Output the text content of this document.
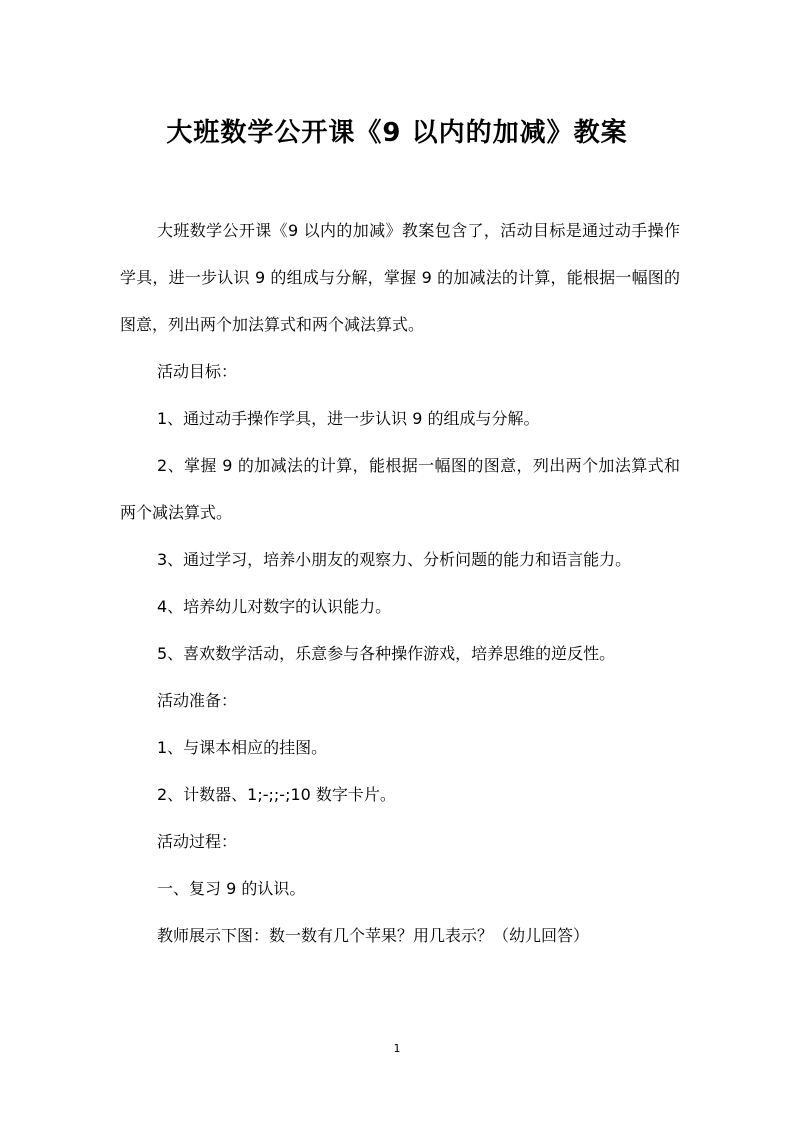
大班数学公开课《9 以内的加减》教案

大班数学公开课《9 以内的加减》教案包含了，活动目标是通过动手操作学具，进一步认识 9 的组成与分解，掌握 9 的加减法的计算，能根据一幅图的图意，列出两个加法算式和两个减法算式。

活动目标：

1、通过动手操作学具，进一步认识 9 的组成与分解。

2、掌握 9 的加减法的计算，能根据一幅图的图意，列出两个加法算式和两个减法算式。

3、通过学习，培养小朋友的观察力、分析问题的能力和语言能力。

4、培养幼儿对数字的认识能力。

5、喜欢数学活动，乐意参与各种操作游戏，培养思维的逆反性。

活动准备：

1、与课本相应的挂图。

2、计数器、1;-;;-;10 数字卡片。

活动过程：

一、复习 9 的认识。

教师展示下图：数一数有几个苹果？用几表示？（幼儿回答）

1
